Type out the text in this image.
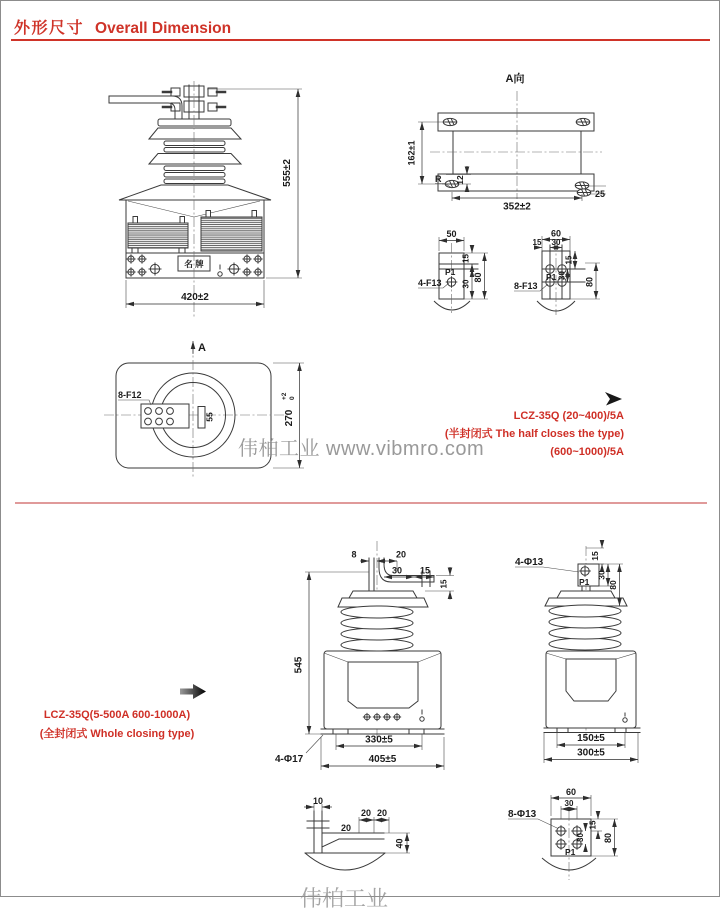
外形尺寸 Overall Dimension
420±2
555±2
名 牌
A向
162±1
352±2
R 12
25
50
15
30
80
P1
4-F13
60
15 30
15
30
80
P1
8-F13
55
8-F12
A
270
+2 0
8	20
30 15
15
545
330±5
405±5
4-Φ17
P1
4-Φ13
15
30
80
150±5
300±5
10
20
20 20
40
60
30
15
30 80
P1
8-Φ13
LCZ-35Q (20~400)/5A
(半封闭式 The half closes the type)
(600~1000)/5A
LCZ-35Q(5-500A 600-1000A)
(全封闭式 Whole closing type)
伟柏工业 www.vibmro.com
伟柏工业
